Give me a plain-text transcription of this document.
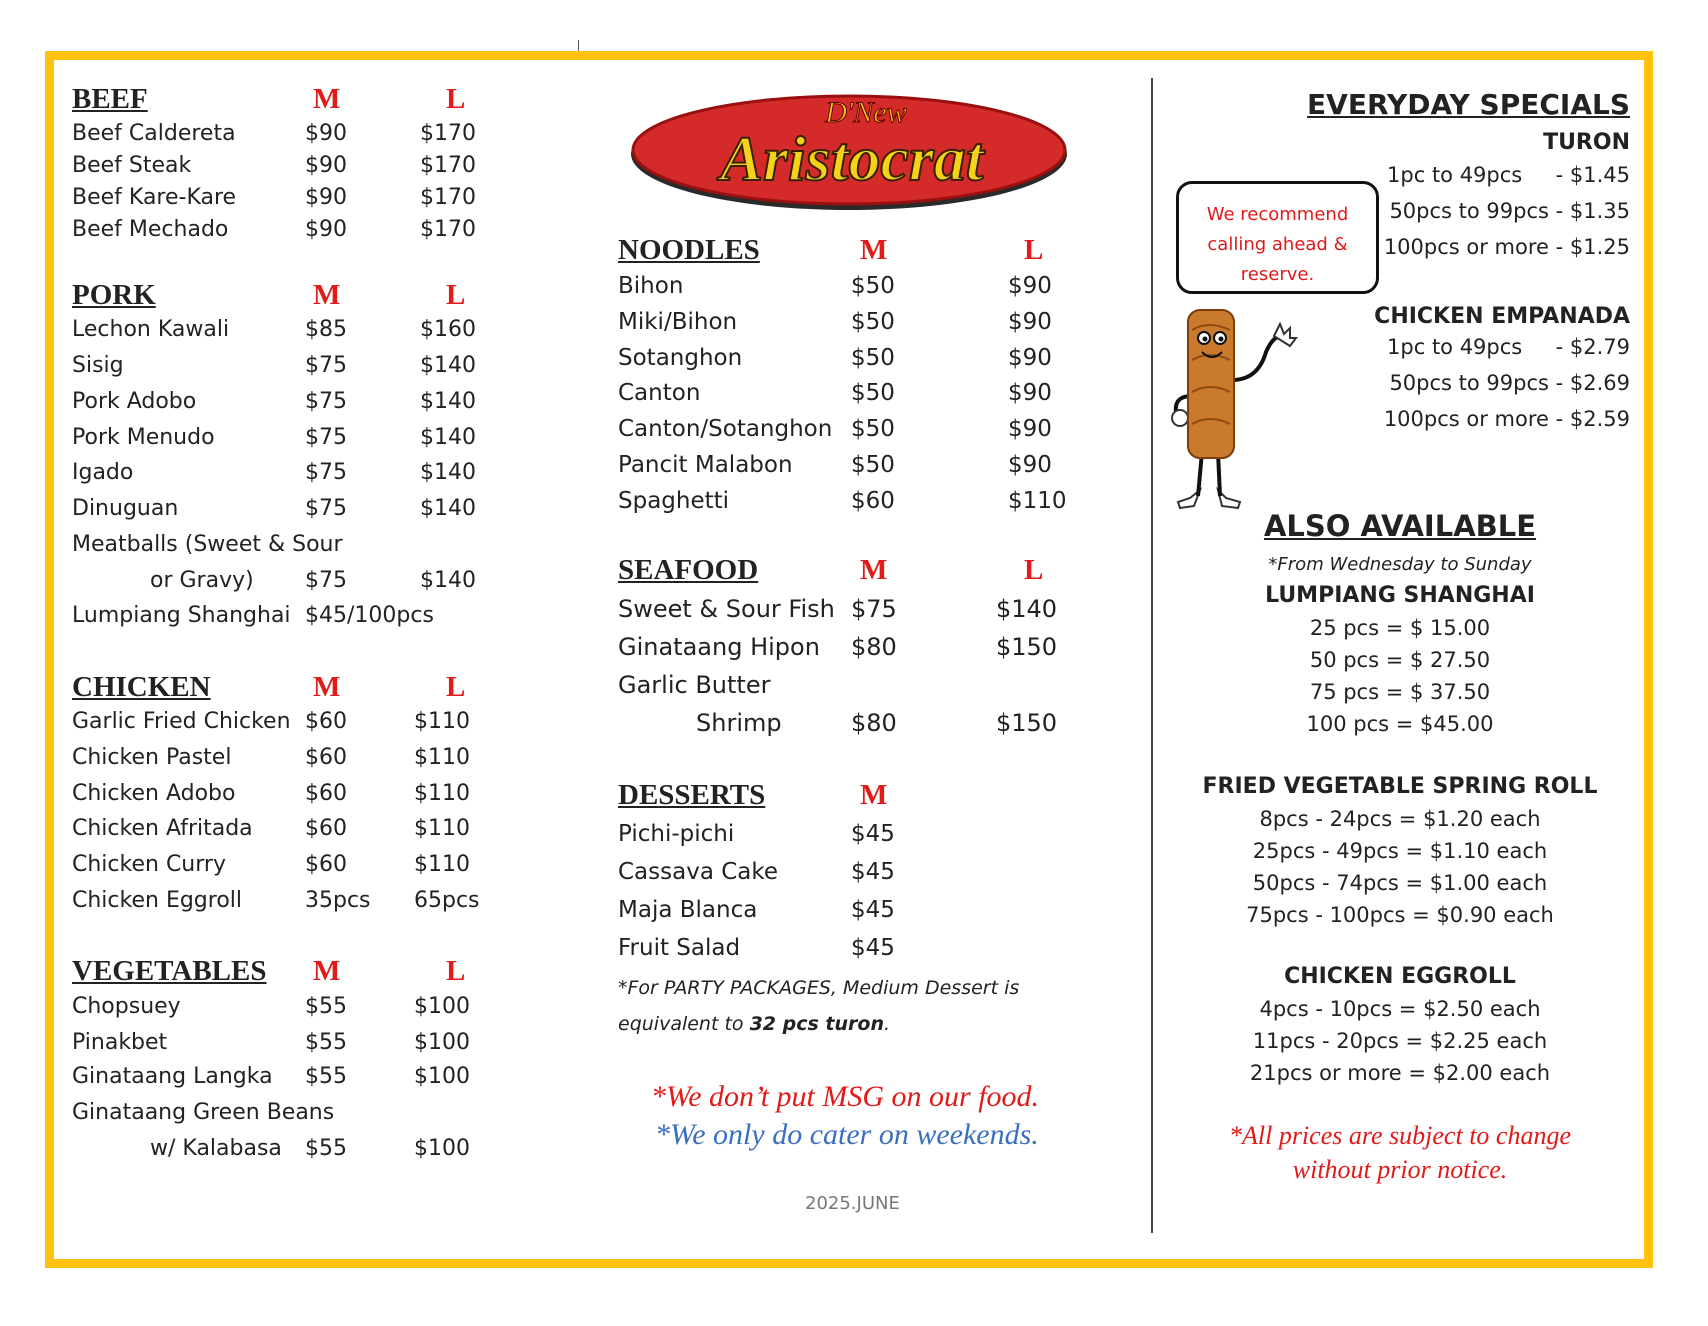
BEEF	M	L
Beef Caldereta	$90	$170
Beef Steak	$90	$170
Beef Kare-Kare	$90	$170
Beef Mechado	$90	$170
PORK	M	L
Lechon Kawali	$85	$160
Sisig	$75	$140
Pork Adobo	$75	$140
Pork Menudo	$75	$140
Igado	$75	$140
Dinuguan	$75	$140
Meatballs (Sweet & Sour
or Gravy) $75	$140
Lumpiang Shanghai $45/100pcs
CHICKEN	M	L
Garlic Fried Chicken $60	$110
Chicken Pastel	$60	$110
Chicken Adobo	$60	$110
Chicken Afritada $60	$110
Chicken Curry	$60	$110
Chicken Eggroll	35pcs 65pcs
VEGETABLES M	L
Chopsuey	$55	$100
Pinakbet	$55	$100
Ginataang Langka $55	$100
Ginataang Green Beans
w/ Kalabasa $55	$100
D'New
Aristocrat
NOODLES	M	L
Bihon	$50	$90
Miki/Bihon	$50	$90
Sotanghon	$50	$90
Canton	$50	$90
Canton/Sotanghon $50	$90
Pancit Malabon	$50	$90
Spaghetti	$60	$110
SEAFOOD	M	L
Sweet & Sour Fish $75	$140
Ginataang Hipon $80	$150
Garlic Butter
Shrimp	$80	$150
DESSERTS	M
Pichi-pichi	$45
Cassava Cake	$45
Maja Blanca	$45
Fruit Salad	$45
*For PARTY PACKAGES, Medium Dessert is
equivalent to 32 pcs turon.
*We don’t put MSG on our food.
*We only do cater on weekends.
2025.JUNE
EVERYDAY SPECIALS
TURON
1pc to 49pcs     - $1.45
50pcs to 99pcs - $1.35
100pcs or more - $1.25
We recommend
calling ahead &
reserve.
CHICKEN EMPANADA
1pc to 49pcs     - $2.79
50pcs to 99pcs - $2.69
100pcs or more - $2.59
ALSO AVAILABLE
*From Wednesday to Sunday
LUMPIANG SHANGHAI
25 pcs = $ 15.00
50 pcs = $ 27.50
75 pcs = $ 37.50
100 pcs = $45.00
FRIED VEGETABLE SPRING ROLL
8pcs - 24pcs = $1.20 each
25pcs - 49pcs = $1.10 each
50pcs - 74pcs = $1.00 each
75pcs - 100pcs = $0.90 each
CHICKEN EGGROLL
4pcs - 10pcs = $2.50 each
11pcs - 20pcs = $2.25 each
21pcs or more = $2.00 each
*All prices are subject to change
without prior notice.
